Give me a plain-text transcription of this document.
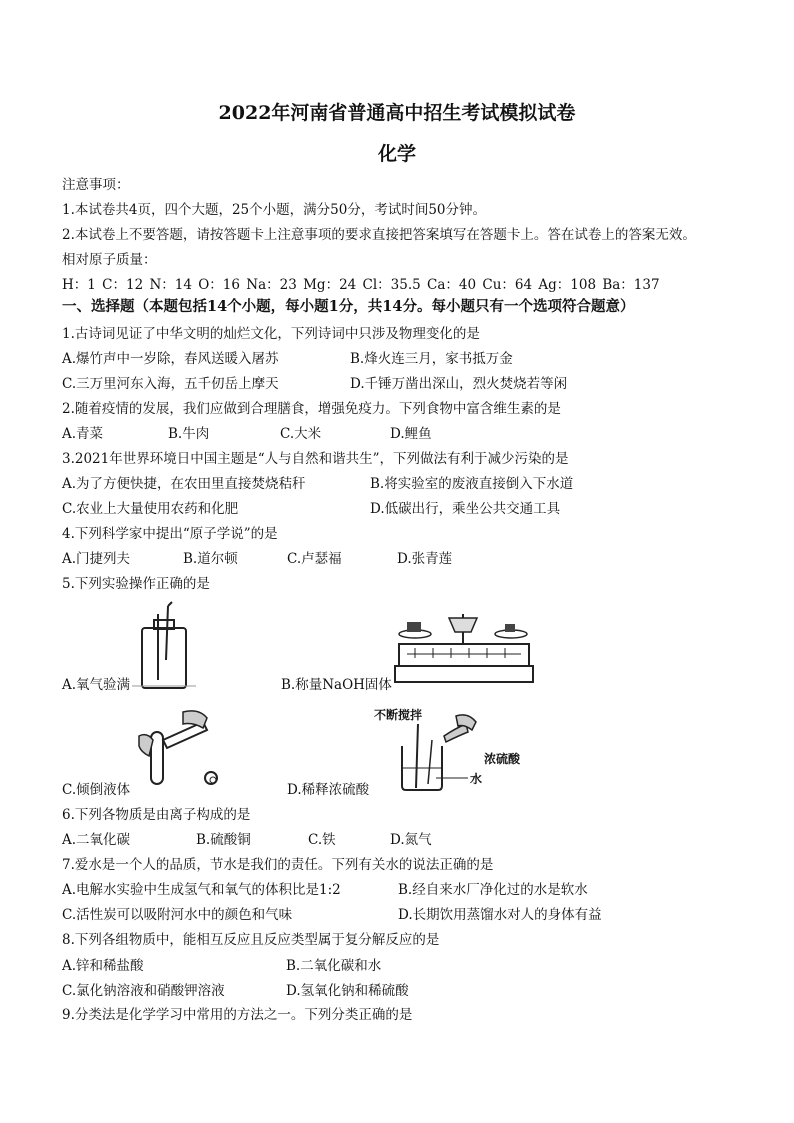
2022年河南省普通高中招生考试模拟试卷
化学
注意事项：
1.本试卷共4页，四个大题，25个小题，满分50分，考试时间50分钟。
2.本试卷上不要答题，请按答题卡上注意事项的要求直接把答案填写在答题卡上。答在试卷上的答案无效。
相对原子质量：
H：1 C：12 N：14 O：16 Na：23 Mg：24 Cl：35.5 Ca：40 Cu：64 Ag：108 Ba：137
一、选择题（本题包括14个小题，每小题1分，共14分。每小题只有一个选项符合题意）
1.古诗词见证了中华文明的灿烂文化，下列诗词中只涉及物理变化的是
A.爆竹声中一岁除，春风送暖入屠苏	B.烽火连三月，家书抵万金
C.三万里河东入海，五千仞岳上摩天	D.千锤万凿出深山，烈火焚烧若等闲
2.随着疫情的发展，我们应做到合理膳食，增强免疫力。下列食物中富含维生素的是
A.青菜	B.牛肉	C.大米	D.鲤鱼
3.2021年世界环境日中国主题是“人与自然和谐共生”，下列做法有利于减少污染的是
A.为了方便快捷，在农田里直接焚烧秸秆	B.将实验室的废液直接倒入下水道
C.农业上大量使用农药和化肥	D.低碳出行，乘坐公共交通工具
4.下列科学家中提出“原子学说”的是
A.门捷列夫	B.道尔顿	C.卢瑟福	D.张青莲
5.下列实验操作正确的是
A.氧气验满	B.称量NaOH固体
C.倾倒液体
不断搅拌
浓硫酸
水
D.稀释浓硫酸
6.下列各物质是由离子构成的是
A.二氧化碳	B.硫酸铜	C.铁	D.氮气
7.爱水是一个人的品质，节水是我们的责任。下列有关水的说法正确的是
A.电解水实验中生成氢气和氧气的体积比是1:2	B.经自来水厂净化过的水是软水
C.活性炭可以吸附河水中的颜色和气味	D.长期饮用蒸馏水对人的身体有益
8.下列各组物质中，能相互反应且反应类型属于复分解反应的是
A.锌和稀盐酸	B.二氧化碳和水
C.氯化钠溶液和硝酸钾溶液	D.氢氧化钠和稀硫酸
9.分类法是化学学习中常用的方法之一。下列分类正确的是
